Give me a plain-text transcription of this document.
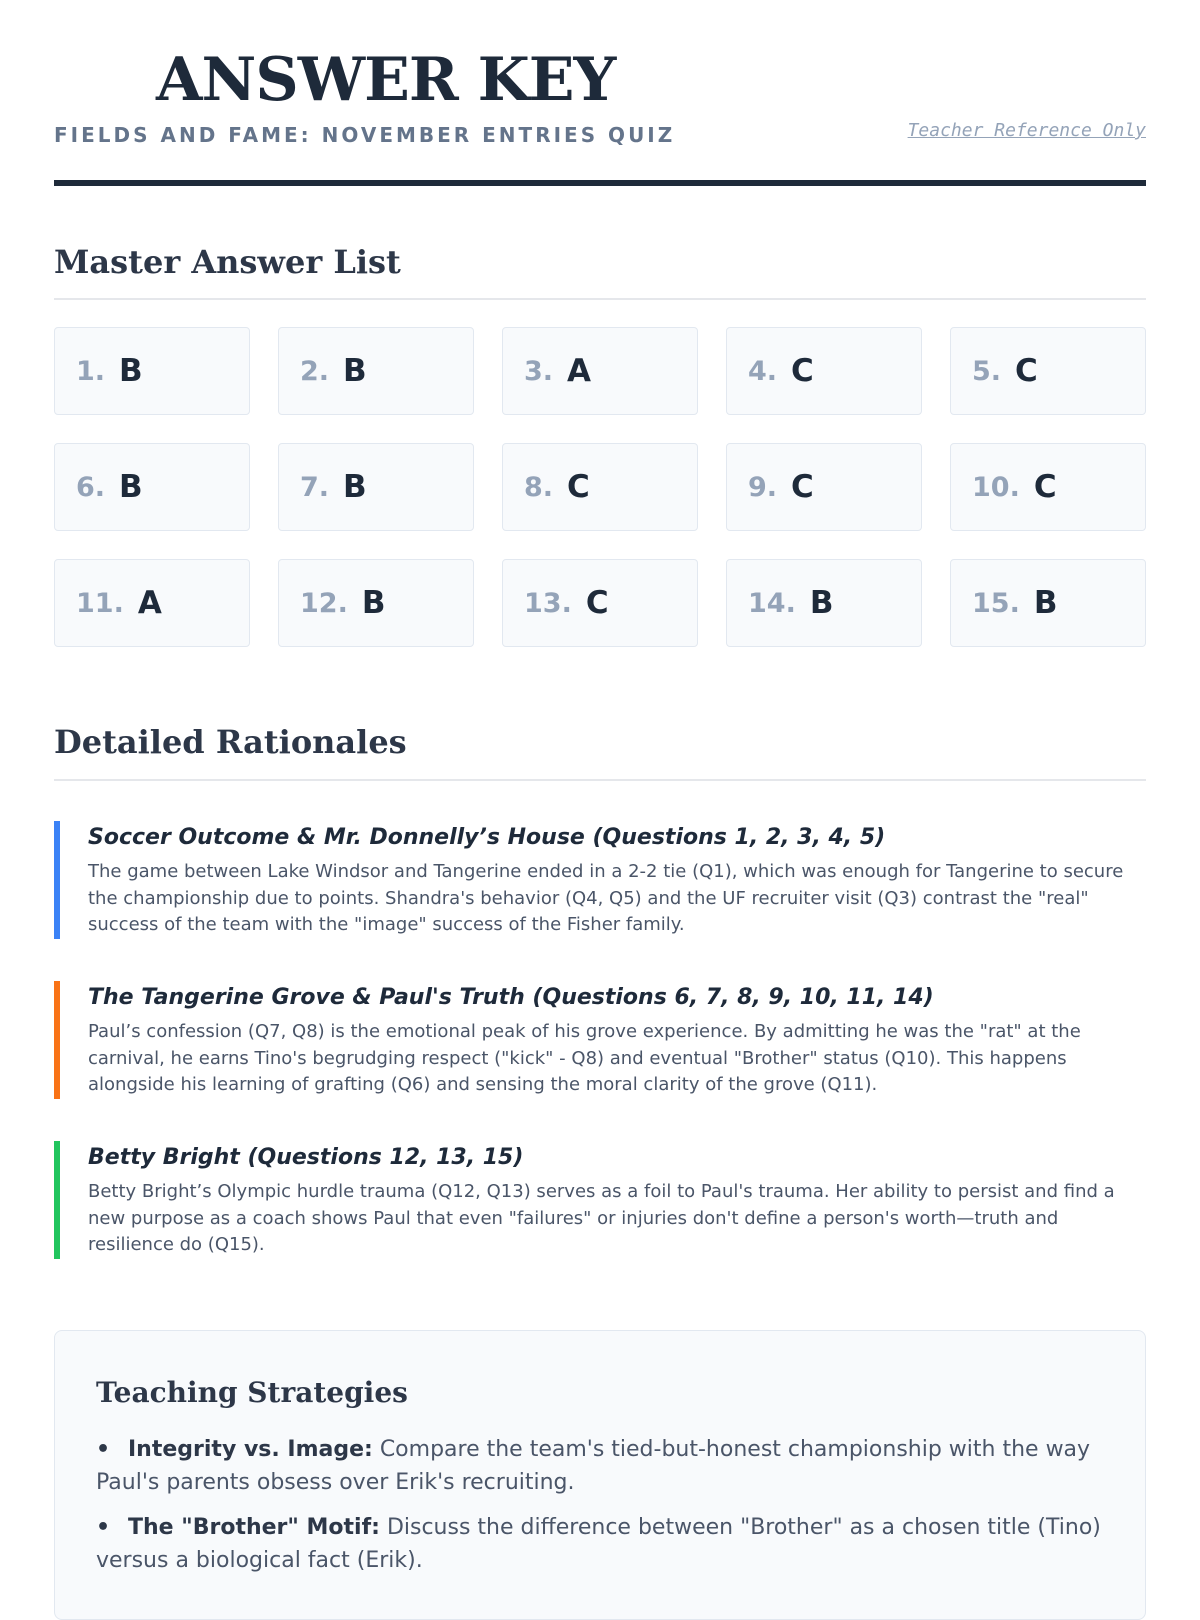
ANSWER KEY
FIELDS AND FAME: NOVEMBER ENTRIES QUIZ	Teacher Reference Only
Master Answer List
1. B	2. B	3. A	4. C	5. C
6. B	7. B	8. C	9. C	10. C
11. A	12. B	13. C	14. B	15. B
Detailed Rationales
Soccer Outcome & Mr. Donnelly’s House (Questions 1, 2, 3, 4, 5)

The game between Lake Windsor and Tangerine ended in a 2-2 tie (Q1), which was enough for Tangerine to secure the championship due to points. Shandra's behavior (Q4, Q5) and the UF recruiter visit (Q3) contrast the "real" success of the team with the "image" success of the Fisher family.

The Tangerine Grove & Paul's Truth (Questions 6, 7, 8, 9, 10, 11, 14)

Paul’s confession (Q7, Q8) is the emotional peak of his grove experience. By admitting he was the "rat" at the carnival, he earns Tino's begrudging respect ("kick" - Q8) and eventual "Brother" status (Q10). This happens alongside his learning of grafting (Q6) and sensing the moral clarity of the grove (Q11).

Betty Bright (Questions 12, 13, 15)

Betty Bright’s Olympic hurdle trauma (Q12, Q13) serves as a foil to Paul's trauma. Her ability to persist and find a new purpose as a coach shows Paul that even "failures" or injuries don't define a person's worth—truth and resilience do (Q15).

Teaching Strategies
• Integrity vs. Image: Compare the team's tied-but-honest championship with the way Paul's parents obsess over Erik's recruiting.
• The "Brother" Motif: Discuss the difference between "Brother" as a chosen title (Tino) versus a biological fact (Erik).
